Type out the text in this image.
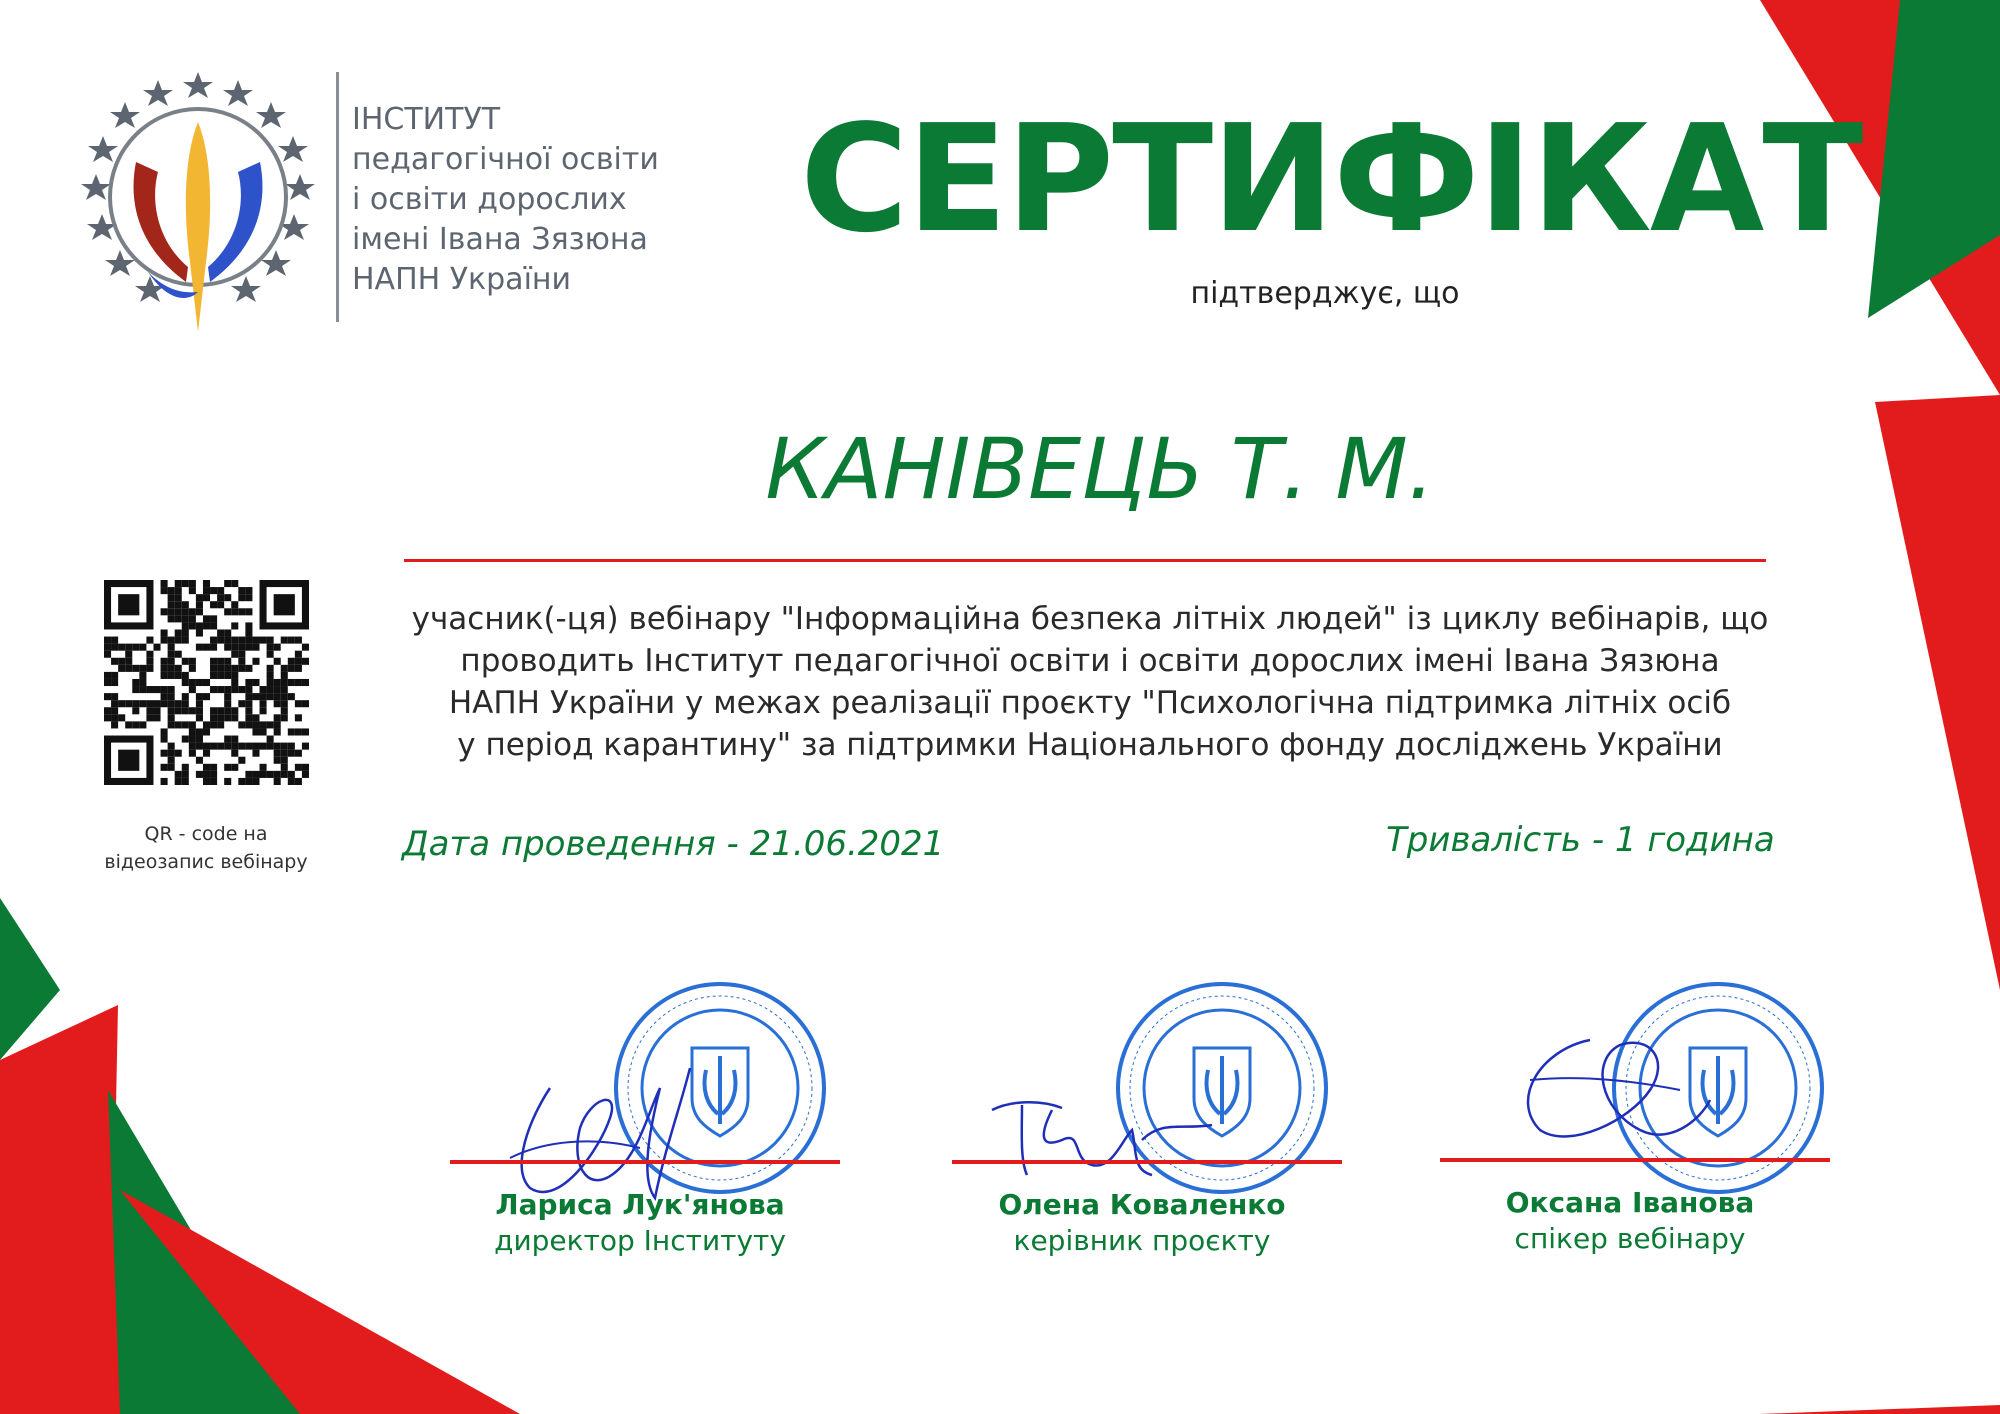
ІНСТИТУТ
педагогічної освіти
і освіти дорослих
імені Івана Зязюна
НАПН України
СЕРТИФІКАТ
підтверджує, що
КАНІВЕЦЬ Т. М.
QR - code на
відеозапис вебінару
учасник(-ця) вебінару "Інформаційна безпека літніх людей" із циклу вебінарів, що
проводить Інститут педагогічної освіти і освіти дорослих імені Івана Зязюна
НАПН України у межах реалізації проєкту "Психологічна підтримка літніх осіб
у період карантину" за підтримки Національного фонду досліджень України
Дата проведення - 21.06.2021	Тривалість - 1 година
Лариса Лук'янова
директор Інституту
Олена Коваленко
керівник проєкту
Оксана Іванова
спікер вебінару
